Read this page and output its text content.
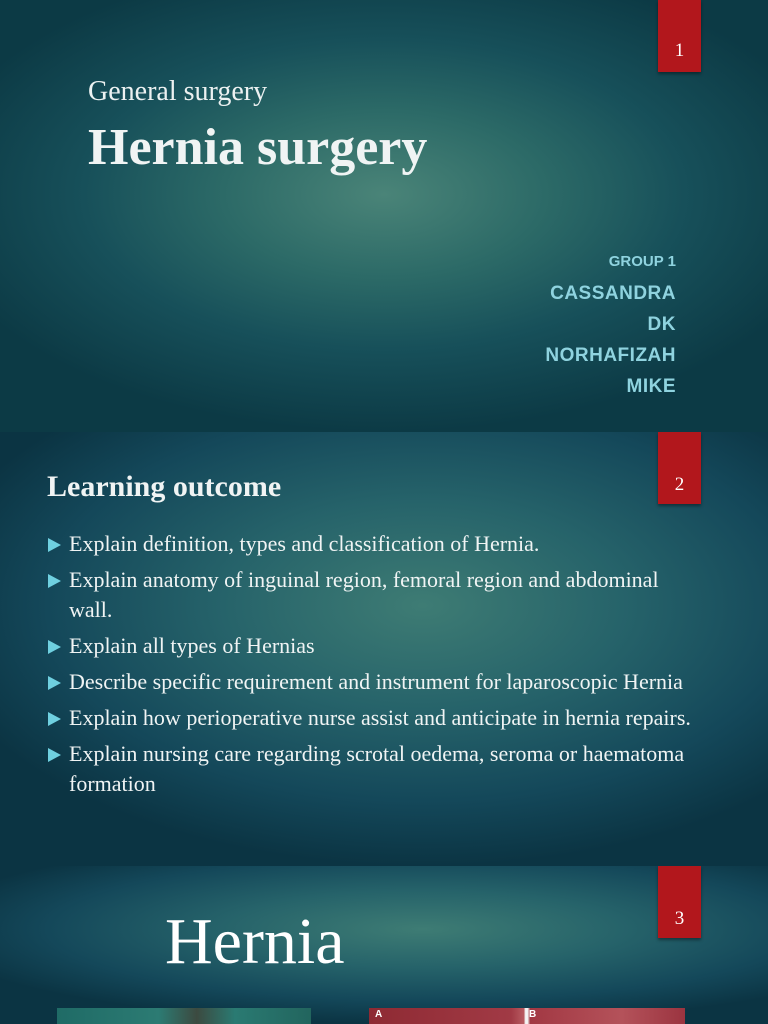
1
General surgery
Hernia surgery
GROUP 1
CASSANDRA
DK
NORHAFIZAH
MIKE
2
Learning outcome
Explain definition, types and classification of Hernia.
Explain anatomy of inguinal region, femoral region and abdominal wall.
Explain all types of Hernias
Describe specific requirement and instrument for laparoscopic Hernia
Explain how perioperative nurse assist and anticipate in hernia repairs.
Explain nursing care regarding scrotal oedema, seroma or haematoma formation
3
Hernia
A	B
